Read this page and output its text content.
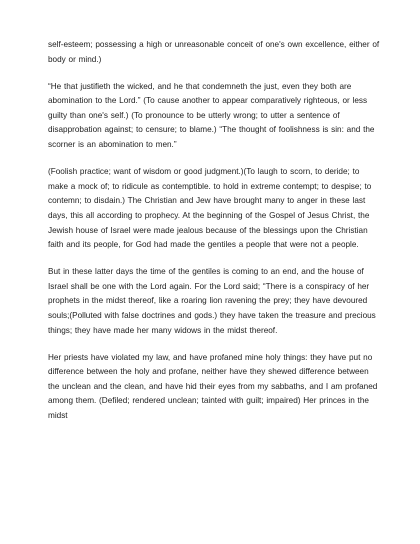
self-esteem; possessing a high or unreasonable conceit of one's own excellence, either of body or mind.)

“He that justifieth the wicked, and he that condemneth the just, even they both are abomination to the Lord.” (To cause another to appear comparatively righteous, or less guilty than one's self.) (To pronounce to be utterly wrong; to utter a sentence of disapprobation against; to censure; to blame.) “The thought of foolishness is sin: and the scorner is an abomination to men.”

(Foolish practice; want of wisdom or good judgment.)(To laugh to scorn, to deride; to make a mock of; to ridicule as contemptible. to hold in extreme contempt; to despise; to contemn; to disdain.) The Christian and Jew have brought many to anger in these last days, this all according to prophecy. At the beginning of the Gospel of Jesus Christ, the Jewish house of Israel were made jealous because of the blessings upon the Christian faith and its people, for God had made the gentiles a people that were not a people.

But in these latter days the time of the gentiles is coming to an end, and the house of Israel shall be one with the Lord again. For the Lord said; “There is a conspiracy of her prophets in the midst thereof, like a roaring lion ravening the prey; they have devoured souls;(Polluted with false doctrines and gods.) they have taken the treasure and precious things; they have made her many widows in the midst thereof.

Her priests have violated my law, and have profaned mine holy things: they have put no difference between the holy and profane, neither have they shewed difference between the unclean and the clean, and have hid their eyes from my sabbaths, and I am profaned among them. (Defiled; rendered unclean; tainted with guilt; impaired) Her princes in the midst
